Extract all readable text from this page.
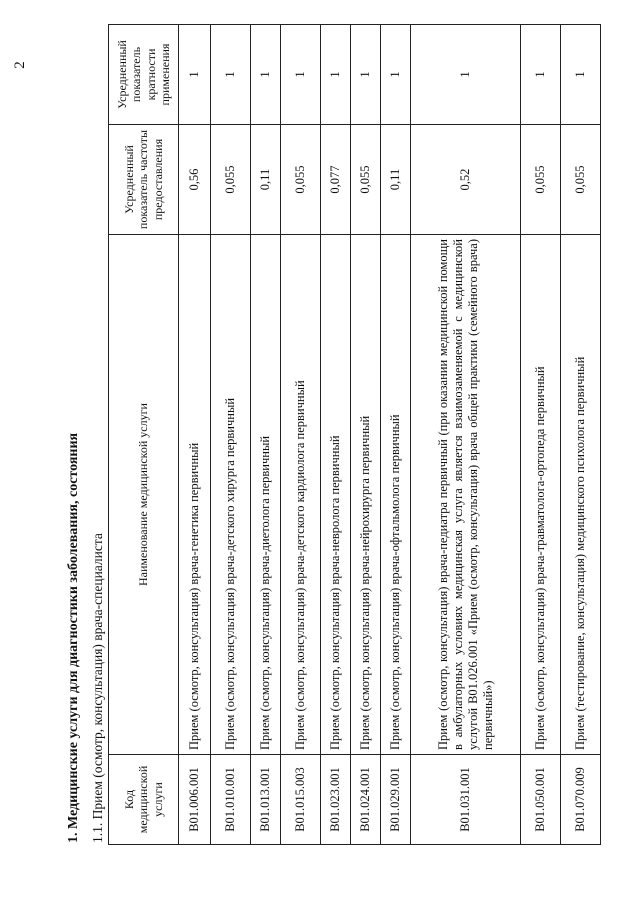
2
1. Медицинские услуги для диагностики заболевания, состояния 1.1. Прием (осмотр, консультация) врача-специалиста Код медицинской услуги	Наименование медицинской услуги	Усредненный показатель частоты предоставления	Усредненный показатель кратности применения
B01.006.001	Прием (осмотр, консультация) врача-генетика первичный	0,56	1
B01.010.001	Прием (осмотр, консультация) врача-детского хирурга первичный	0,055	1
B01.013.001	Прием (осмотр, консультация) врача-диетолога первичный	0,11	1
B01.015.003	Прием (осмотр, консультация) врача-детского кардиолога первичный	0,055	1
B01.023.001	Прием (осмотр, консультация) врача-невролога первичный	0,077	1
B01.024.001	Прием (осмотр, консультация) врача-нейрохирурга первичный	0,055	1
B01.029.001	Прием (осмотр, консультация) врача-офтальмолога первичный	0,11	1
B01.031.001	Прием (осмотр, консультация) врача-педиатра первичный (при оказании медицинской помощи в амбулаторных условиях медицинская услуга является взаимозаменяемой с медицинской услугой B01.026.001 «Прием (осмотр, консультация) врача общей практики (семейного врача) первичный»)	0,52	1
B01.050.001	Прием (осмотр, консультация) врача-травматолога-ортопеда первичный	0,055	1
B01.070.009	Прием (тестирование, консультация) медицинского психолога первичный	0,055	1
